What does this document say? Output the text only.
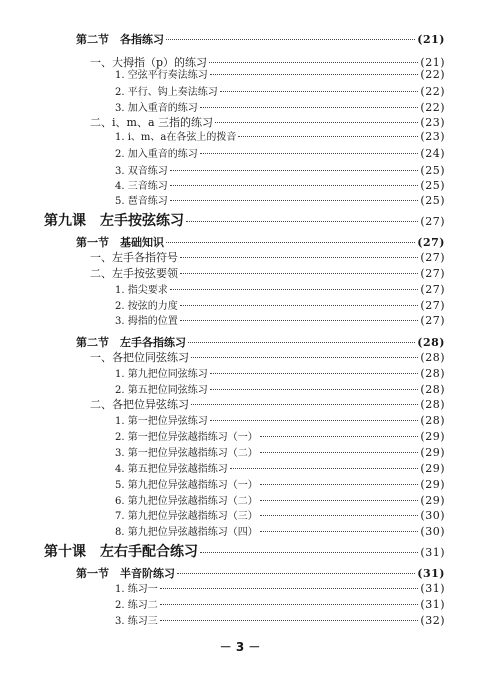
第二节　各指练习	(21)
一、大拇指（p）的练习	(21)
1. 空弦平行奏法练习	(22)
2. 平行、钩上奏法练习	(22)
3. 加入重音的练习	(22)
二、i、m、a 三指的练习	(23)
1. i、m、a在各弦上的拨音	(23)
2. 加入重音的练习	(24)
3. 双音练习	(25)
4. 三音练习	(25)
5. 琶音练习	(25)
第九课　左手按弦练习	(27)
第一节　基础知识	(27)
一、左手各指符号	(27)
二、左手按弦要领	(27)
1. 指尖要求	(27)
2. 按弦的力度	(27)
3. 拇指的位置	(27)
第二节　左手各指练习	(28)
一、各把位同弦练习	(28)
1. 第九把位同弦练习	(28)
2. 第五把位同弦练习	(28)
二、各把位异弦练习	(28)
1. 第一把位异弦练习	(28)
2. 第一把位异弦越指练习（一）	(29)
3. 第一把位异弦越指练习（二）	(29)
4. 第五把位异弦越指练习	(29)
5. 第九把位异弦越指练习（一）	(29)
6. 第九把位异弦越指练习（二）	(29)
7. 第九把位异弦越指练习（三）	(30)
8. 第九把位异弦越指练习（四）	(30)
第十课　左右手配合练习	(31)
第一节　半音阶练习	(31)
1. 练习一	(31)
2. 练习二	(31)
3. 练习三	(32)
－ 3 －
